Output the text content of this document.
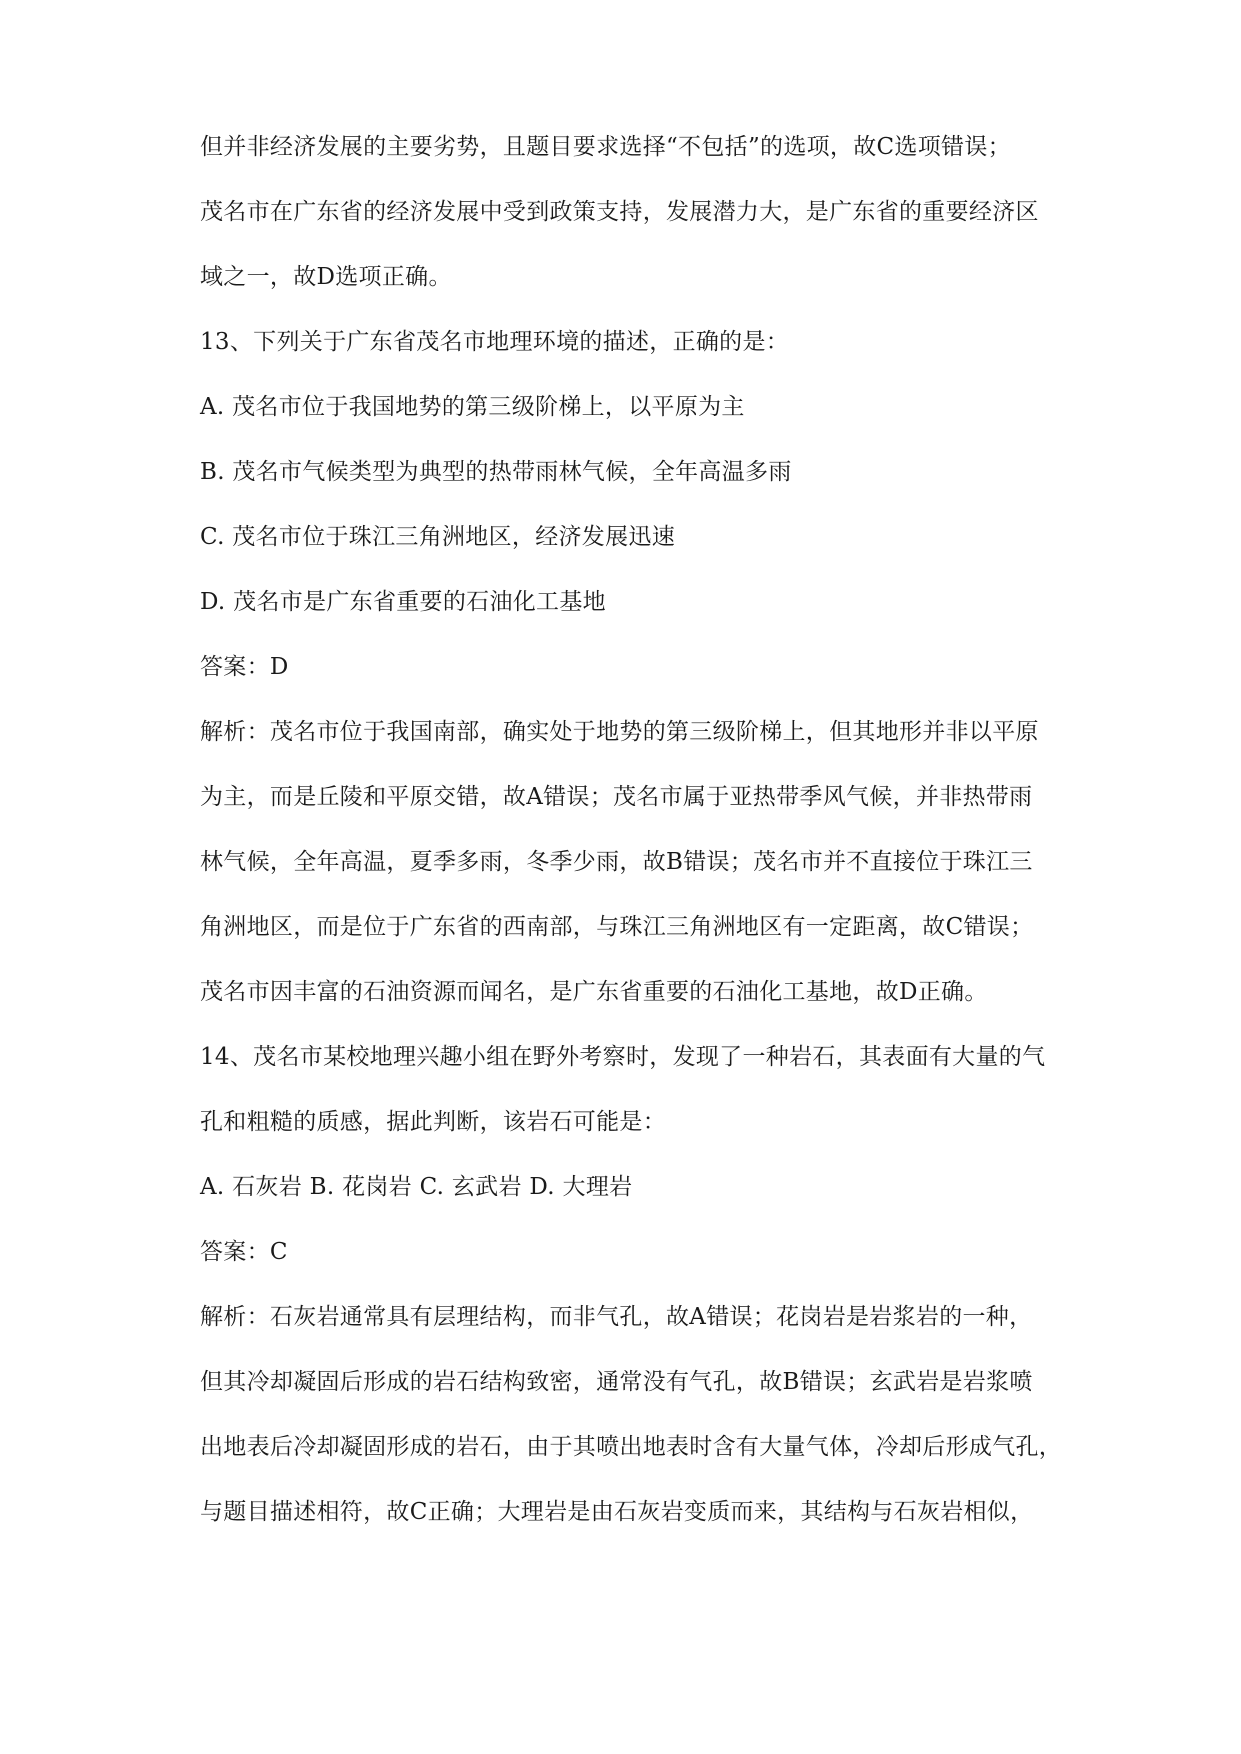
但并非经济发展的主要劣势，且题目要求选择“不包括”的选项，故C选项错误；
茂名市在广东省的经济发展中受到政策支持，发展潜力大，是广东省的重要经济区
域之一，故D选项正确。
13、下列关于广东省茂名市地理环境的描述，正确的是：
A. 茂名市位于我国地势的第三级阶梯上，以平原为主
B. 茂名市气候类型为典型的热带雨林气候，全年高温多雨
C. 茂名市位于珠江三角洲地区，经济发展迅速
D. 茂名市是广东省重要的石油化工基地
答案：D
解析：茂名市位于我国南部，确实处于地势的第三级阶梯上，但其地形并非以平原
为主，而是丘陵和平原交错，故A错误；茂名市属于亚热带季风气候，并非热带雨
林气候，全年高温，夏季多雨，冬季少雨，故B错误；茂名市并不直接位于珠江三
角洲地区，而是位于广东省的西南部，与珠江三角洲地区有一定距离，故C错误；
茂名市因丰富的石油资源而闻名，是广东省重要的石油化工基地，故D正确。
14、茂名市某校地理兴趣小组在野外考察时，发现了一种岩石，其表面有大量的气
孔和粗糙的质感，据此判断，该岩石可能是：
A. 石灰岩 B. 花岗岩 C. 玄武岩 D. 大理岩
答案：C
解析：石灰岩通常具有层理结构，而非气孔，故A错误；花岗岩是岩浆岩的一种，
但其冷却凝固后形成的岩石结构致密，通常没有气孔，故B错误；玄武岩是岩浆喷
出地表后冷却凝固形成的岩石，由于其喷出地表时含有大量气体，冷却后形成气孔，
与题目描述相符，故C正确；大理岩是由石灰岩变质而来，其结构与石灰岩相似，
